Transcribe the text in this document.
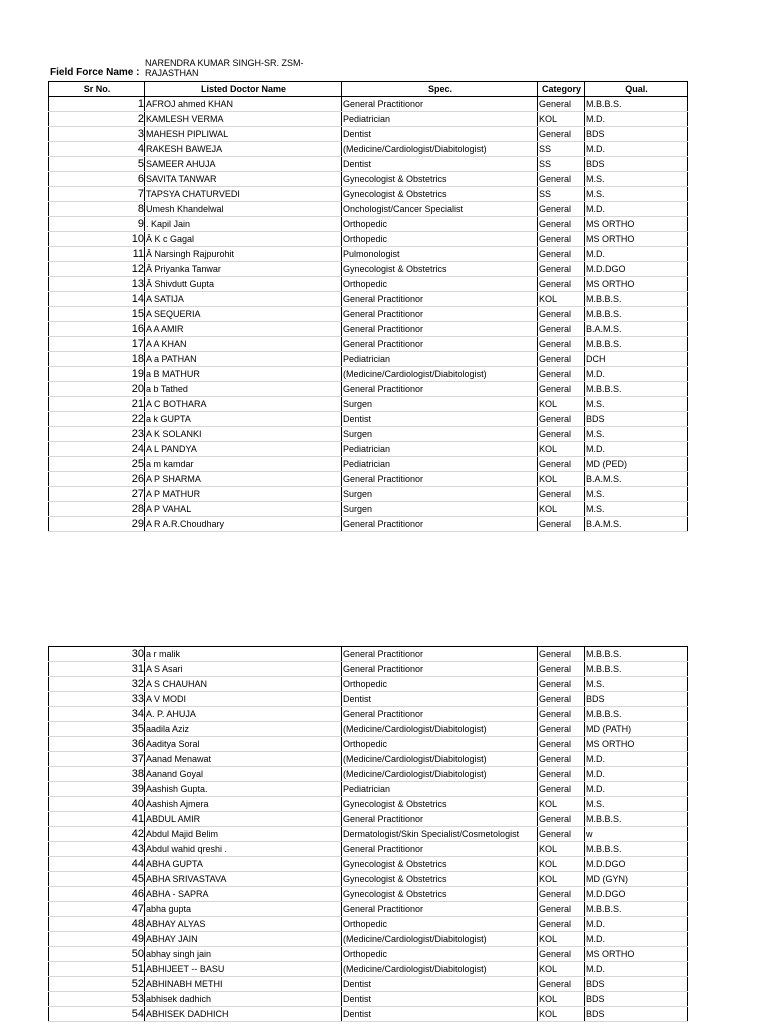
Field Force Name :
NARENDRA KUMAR SINGH-SR. ZSM-RAJASTHAN
Sr No.	Listed Doctor Name	Spec.	Category	Qual.
1	AFROJ ahmed KHAN	General Practitionor	General	M.B.B.S.
2	KAMLESH VERMA	Pediatrician	KOL	M.D.
3	MAHESH PIPLIWAL	Dentist	General	BDS
4	RAKESH BAWEJA	(Medicine/Cardiologist/Diabitologist)	SS	M.D.
5	SAMEER AHUJA	Dentist	SS	BDS
6	SAVITA TANWAR	Gynecologist & Obstetrics	General	M.S.
7	TAPSYA CHATURVEDI	Gynecologist & Obstetrics	SS	M.S.
8	Umesh Khandelwal	Onchologist/Cancer Specialist	General	M.D.
9	. Kapil Jain	Orthopedic	General	MS ORTHO
10	Â K c Gagal	Orthopedic	General	MS ORTHO
11	Â Narsingh Rajpurohit	Pulmonologist	General	M.D.
12	Â Priyanka Tanwar	Gynecologist & Obstetrics	General	M.D.DGO
13	Â Shivdutt Gupta	Orthopedic	General	MS ORTHO
14	A SATIJA	General Practitionor	KOL	M.B.B.S.
15	A SEQUERIA	General Practitionor	General	M.B.B.S.
16	A A AMIR	General Practitionor	General	B.A.M.S.
17	A A KHAN	General Practitionor	General	M.B.B.S.
18	A a PATHAN	Pediatrician	General	DCH
19	a B MATHUR	(Medicine/Cardiologist/Diabitologist)	General	M.D.
20	a b Tathed	General Practitionor	General	M.B.B.S.
21	A C BOTHARA	Surgen	KOL	M.S.
22	a k GUPTA	Dentist	General	BDS
23	A K SOLANKI	Surgen	General	M.S.
24	A L PANDYA	Pediatrician	KOL	M.D.
25	a m kamdar	Pediatrician	General	MD (PED)
26	A P SHARMA	General Practitionor	KOL	B.A.M.S.
27	A P MATHUR	Surgen	General	M.S.
28	A P VAHAL	Surgen	KOL	M.S.
29	A R A.R.Choudhary	General Practitionor	General	B.A.M.S.
30	a r malik	General Practitionor	General	M.B.B.S.
31	A S Asari	General Practitionor	General	M.B.B.S.
32	A S CHAUHAN	Orthopedic	General	M.S.
33	A V MODI	Dentist	General	BDS
34	A. P. AHUJA	General Practitionor	General	M.B.B.S.
35	aadila Aziz	(Medicine/Cardiologist/Diabitologist)	General	MD (PATH)
36	Aaditya Soral	Orthopedic	General	MS ORTHO
37	Aanad Menawat	(Medicine/Cardiologist/Diabitologist)	General	M.D.
38	Aanand Goyal	(Medicine/Cardiologist/Diabitologist)	General	M.D.
39	Aashish Gupta.	Pediatrician	General	M.D.
40	Aashish Ajmera	Gynecologist & Obstetrics	KOL	M.S.
41	ABDUL AMIR	General Practitionor	General	M.B.B.S.
42	Abdul Majid Belim	Dermatologist/Skin Specialist/Cosmetologist	General	w
43	Abdul wahid qreshi .	General Practitionor	KOL	M.B.B.S.
44	ABHA GUPTA	Gynecologist & Obstetrics	KOL	M.D.DGO
45	ABHA SRIVASTAVA	Gynecologist & Obstetrics	KOL	MD (GYN)
46	ABHA - SAPRA	Gynecologist & Obstetrics	General	M.D.DGO
47	abha gupta	General Practitionor	General	M.B.B.S.
48	ABHAY ALYAS	Orthopedic	General	M.D.
49	ABHAY JAIN	(Medicine/Cardiologist/Diabitologist)	KOL	M.D.
50	abhay singh jain	Orthopedic	General	MS ORTHO
51	ABHIJEET -- BASU	(Medicine/Cardiologist/Diabitologist)	KOL	M.D.
52	ABHINABH METHI	Dentist	General	BDS
53	abhisek dadhich	Dentist	KOL	BDS
54	ABHISEK DADHICH	Dentist	KOL	BDS
